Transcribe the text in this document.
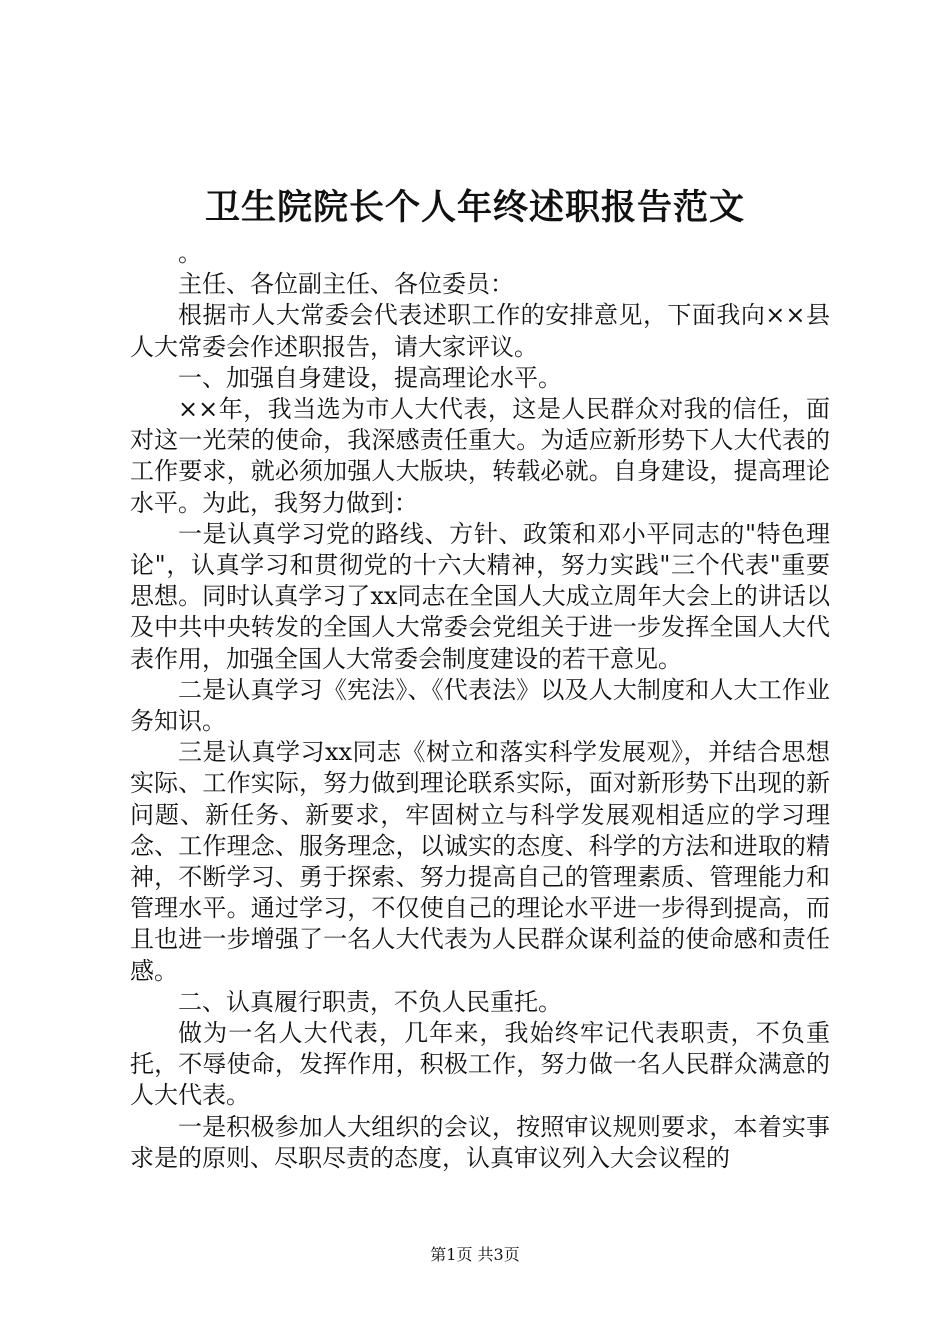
卫生院院长个人年终述职报告范文

。

主任、各位副主任、各位委员：

根据市人大常委会代表述职工作的安排意见，下面我向××县人大常委会作述职报告，请大家评议。

一、加强自身建设，提高理论水平。

××年，我当选为市人大代表，这是人民群众对我的信任，面对这一光荣的使命，我深感责任重大。为适应新形势下人大代表的工作要求，就必须加强人大版块，转载必就。自身建设，提高理论水平。为此，我努力做到：

一是认真学习党的路线、方针、政策和邓小平同志的"特色理论"，认真学习和贯彻党的十六大精神，努力实践"三个代表"重要思想。同时认真学习了xx同志在全国人大成立周年大会上的讲话以及中共中央转发的全国人大常委会党组关于进一步发挥全国人大代表作用，加强全国人大常委会制度建设的若干意见。

二是认真学习《宪法》、《代表法》以及人大制度和人大工作业务知识。

三是认真学习xx同志《树立和落实科学发展观》，并结合思想实际、工作实际，努力做到理论联系实际，面对新形势下出现的新问题、新任务、新要求，牢固树立与科学发展观相适应的学习理念、工作理念、服务理念，以诚实的态度、科学的方法和进取的精神，不断学习、勇于探索、努力提高自己的管理素质、管理能力和管理水平。通过学习，不仅使自己的理论水平进一步得到提高，而且也进一步增强了一名人大代表为人民群众谋利益的使命感和责任感。

二、认真履行职责，不负人民重托。

做为一名人大代表，几年来，我始终牢记代表职责，不负重托，不辱使命，发挥作用，积极工作，努力做一名人民群众满意的人大代表。

一是积极参加人大组织的会议，按照审议规则要求，本着实事求是的原则、尽职尽责的态度，认真审议列入大会议程的

第1页 共3页
